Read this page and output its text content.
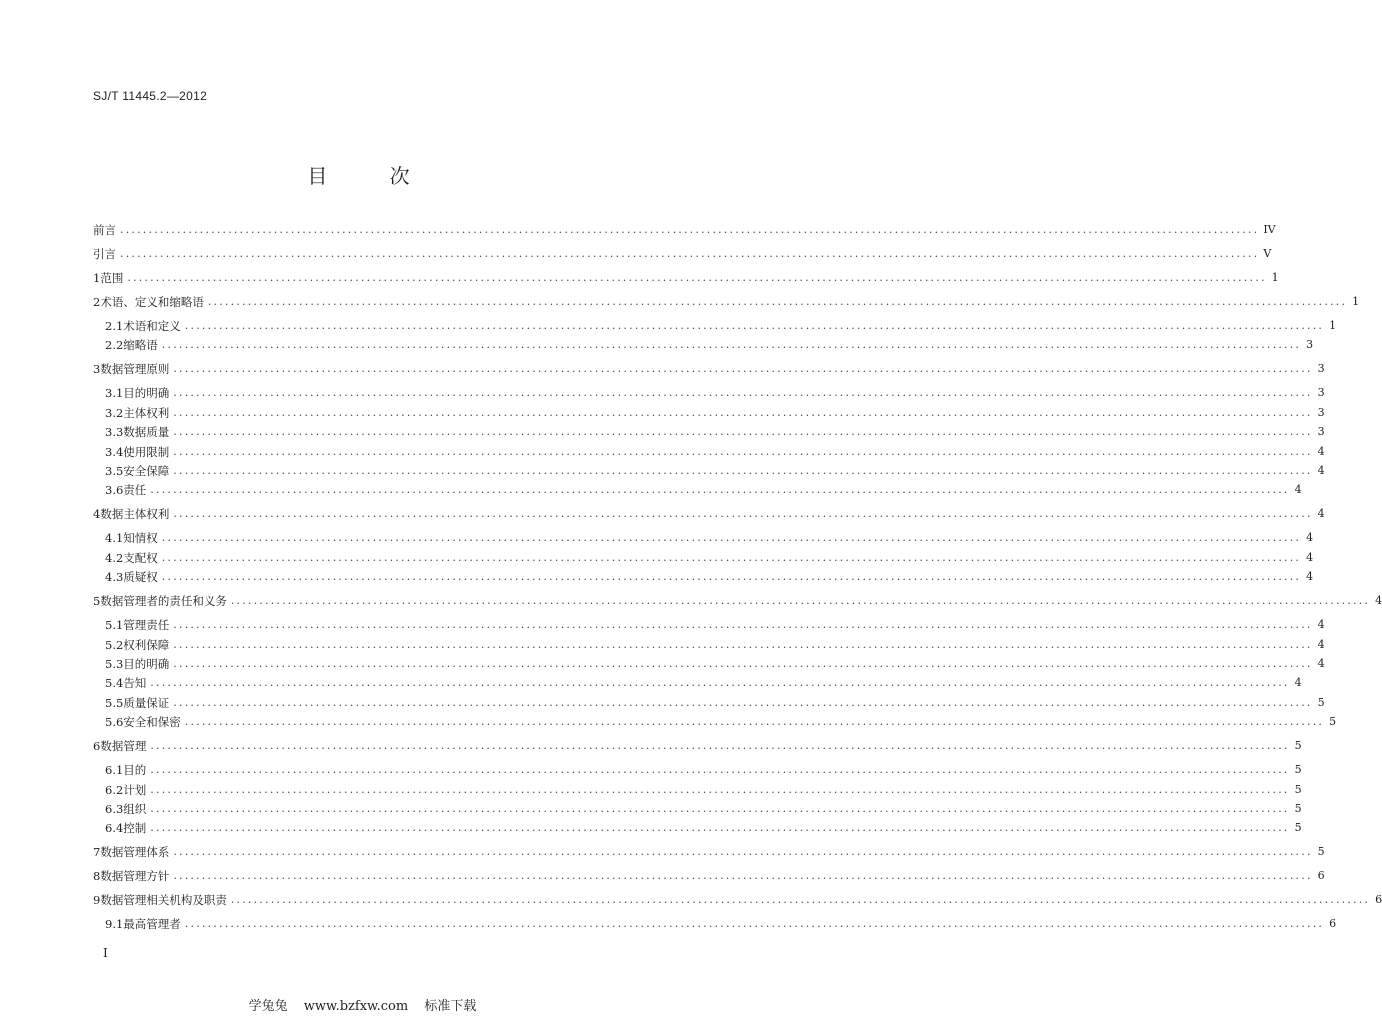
SJ/T 11445.2—2012
目 次
前言 ........................................................................................................................................................................................................ IV
引言 ........................................................................................................................................................................................................ V
1 范围 ........................................................................................................................................................................................................ 1
2 术语、定义和缩略语 ........................................................................................................................................................................................................ 1
2.1 术语和定义 ........................................................................................................................................................................................................ 1
2.2 缩略语 ........................................................................................................................................................................................................ 3
3 数据管理原则 ........................................................................................................................................................................................................ 3
3.1 目的明确 ........................................................................................................................................................................................................ 3
3.2 主体权利 ........................................................................................................................................................................................................ 3
3.3 数据质量 ........................................................................................................................................................................................................ 3
3.4 使用限制 ........................................................................................................................................................................................................ 4
3.5 安全保障 ........................................................................................................................................................................................................ 4
3.6 责任 ........................................................................................................................................................................................................ 4
4 数据主体权利 ........................................................................................................................................................................................................ 4
4.1 知情权 ........................................................................................................................................................................................................ 4
4.2 支配权 ........................................................................................................................................................................................................ 4
4.3 质疑权 ........................................................................................................................................................................................................ 4
5 数据管理者的责任和义务 ........................................................................................................................................................................................................ 4
5.1 管理责任 ........................................................................................................................................................................................................ 4
5.2 权利保障 ........................................................................................................................................................................................................ 4
5.3 目的明确 ........................................................................................................................................................................................................ 4
5.4 告知 ........................................................................................................................................................................................................ 4
5.5 质量保证 ........................................................................................................................................................................................................ 5
5.6 安全和保密 ........................................................................................................................................................................................................ 5
6 数据管理 ........................................................................................................................................................................................................ 5
6.1 目的 ........................................................................................................................................................................................................ 5
6.2 计划 ........................................................................................................................................................................................................ 5
6.3 组织 ........................................................................................................................................................................................................ 5
6.4 控制 ........................................................................................................................................................................................................ 5
7 数据管理体系 ........................................................................................................................................................................................................ 5
8 数据管理方针 ........................................................................................................................................................................................................ 6
9 数据管理相关机构及职责 ........................................................................................................................................................................................................ 6
9.1 最高管理者 ........................................................................................................................................................................................................ 6
I
学兔兔 www.bzfxw.com 标准下载
